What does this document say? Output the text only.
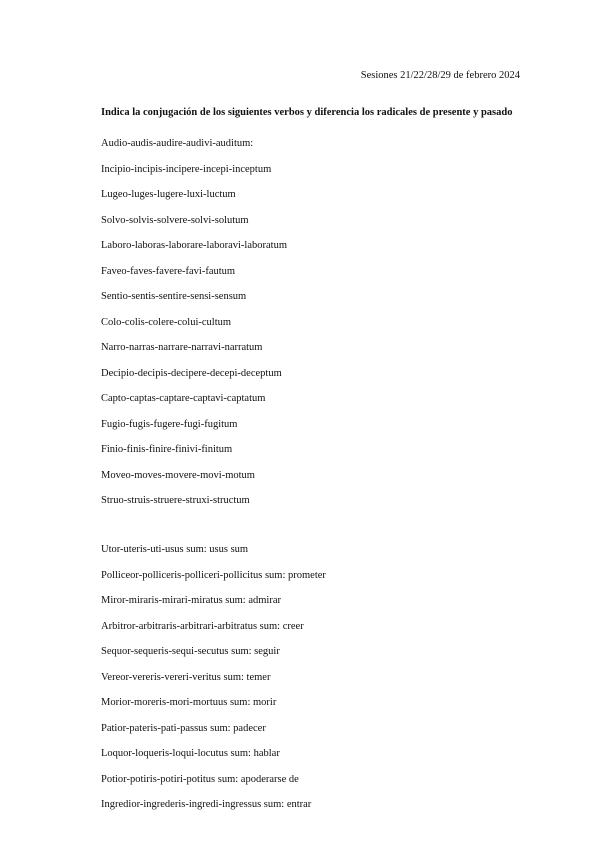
Sesiones 21/22/28/29 de febrero 2024
Indica la conjugación de los siguientes verbos y diferencia los radicales de presente y pasado
Audio-audis-audire-audivi-auditum:
Incipio-incipis-incipere-incepi-inceptum
Lugeo-luges-lugere-luxi-luctum
Solvo-solvis-solvere-solvi-solutum
Laboro-laboras-laborare-laboravi-laboratum
Faveo-faves-favere-favi-fautum
Sentio-sentis-sentire-sensi-sensum
Colo-colis-colere-colui-cultum
Narro-narras-narrare-narravi-narratum
Decipio-decipis-decipere-decepi-deceptum
Capto-captas-captare-captavi-captatum
Fugio-fugis-fugere-fugi-fugitum
Finio-finis-finire-finivi-finitum
Moveo-moves-movere-movi-motum
Struo-struis-struere-struxi-structum
Utor-uteris-uti-usus sum: usus sum
Polliceor-polliceris-polliceri-pollicitus sum: prometer
Miror-miraris-mirari-miratus sum: admirar
Arbitror-arbitraris-arbitrari-arbitratus sum: creer
Sequor-sequeris-sequi-secutus sum: seguir
Vereor-vereris-vereri-veritus sum: temer
Morior-moreris-mori-mortuus sum: morir
Patior-pateris-pati-passus sum: padecer
Loquor-loqueris-loqui-locutus sum: hablar
Potior-potiris-potiri-potitus sum: apoderarse de
Ingredior-ingrederis-ingredi-ingressus sum: entrar
